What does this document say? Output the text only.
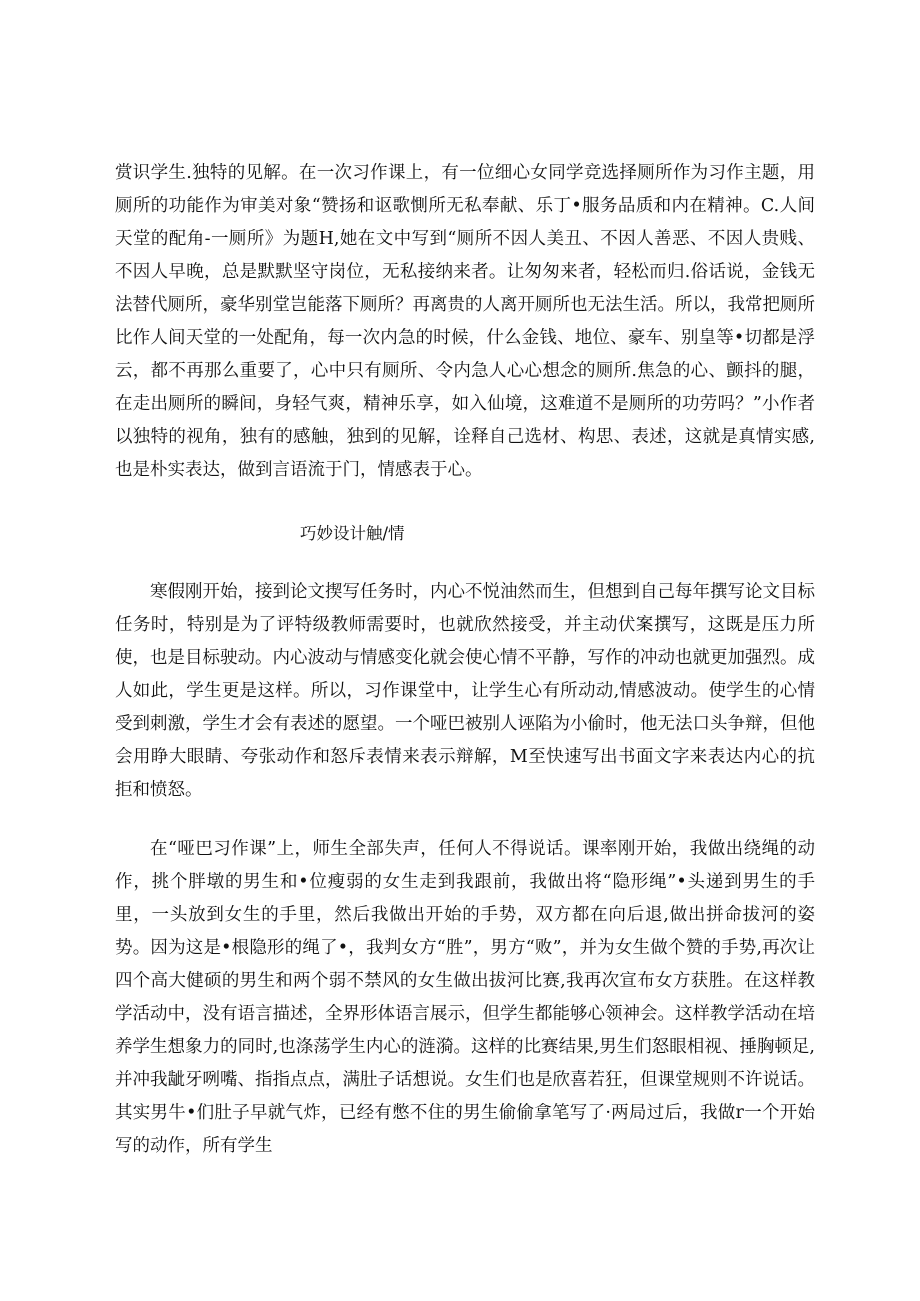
赏识学生.独特的见解。在一次习作课上，有一位细心女同学竞选择厕所作为习作主题，用厕所的功能作为审美对象“赞扬和讴歌惻所无私奉献、乐丁•服务品质和内在精神。C.人间天堂的配角-一厕所》为题H,她在文中写到“厕所不因人美丑、不因人善恶、不因人贵贱、不因人早晚，总是默默坚守岗位，无私接纳来者。让匆匆来者，轻松而归.俗话说，金钱无法替代厕所，豪华别堂岂能落下厕所？再离贵的人离开厕所也无法生活。所以，我常把厕所比作人间天堂的一处配角，每一次内急的时候，什么金钱、地位、豪车、别皇等•切都是浮云，都不再那么重要了，心中只有厕所、令内急人心心想念的厕所.焦急的心、颤抖的腿，在走出厕所的瞬间，身轻气爽，精神乐享，如入仙境，这难道不是厕所的功劳吗？”小作者以独特的视角，独有的感触，独到的见解，诠释自己选材、构思、表述，这就是真情实感,也是朴实表达，做到言语流于门，情感表于心。

巧妙设计触/情

寒假刚开始，接到论文揳写任务时，内心不悦油然而生，但想到自己每年撰写论文目标任务时，特别是为了评特级教师需要时，也就欣然接受，并主动伏案撰写，这既是压力所使，也是目标驶动。内心波动与情感变化就会使心情不平静，写作的冲动也就更加强烈。成人如此，学生更是这样。所以，习作课堂中，让学生心有所动动,情感波动。使学生的心情受到刺激，学生才会有表述的愿望。一个哑巴被别人诬陷为小偷时，他无法口头争辩，但他会用睁大眼睛、夸张动作和怒斥表情来表示辩解，M至快速写出书面文字来表达内心的抗拒和愤怒。

在“哑巴习作课”上，师生全部失声，任何人不得说话。课率刚开始，我做出绕绳的动作，挑个胖墩的男生和•位瘦弱的女生走到我跟前，我做出将“隐形绳”•头递到男生的手里，一头放到女生的手里，然后我做出开始的手势，双方都在向后退,做出拼命拔河的姿势。因为这是•根隐形的绳了•，我判女方“胜”，男方“败”，并为女生做个赞的手势,再次让四个高大健硕的男生和两个弱不禁风的女生做出拔河比赛,我再次宣布女方获胜。在这样教学活动中，没有语言描述，全界形体语言展示，但学生都能够心领神会。这样教学活动在培养学生想象力的同时,也涤荡学生内心的涟漪。这样的比赛结果,男生们怒眼相视、捶胸顿足,并冲我龇牙咧嘴、指指点点，满肚子话想说。女生们也是欣喜若狂，但课堂规则不许说话。其实男牛•们肚子早就气炸，已经有憋不住的男生偷偷拿笔写了·两局过后，我做r一个开始写的动作，所有学生
